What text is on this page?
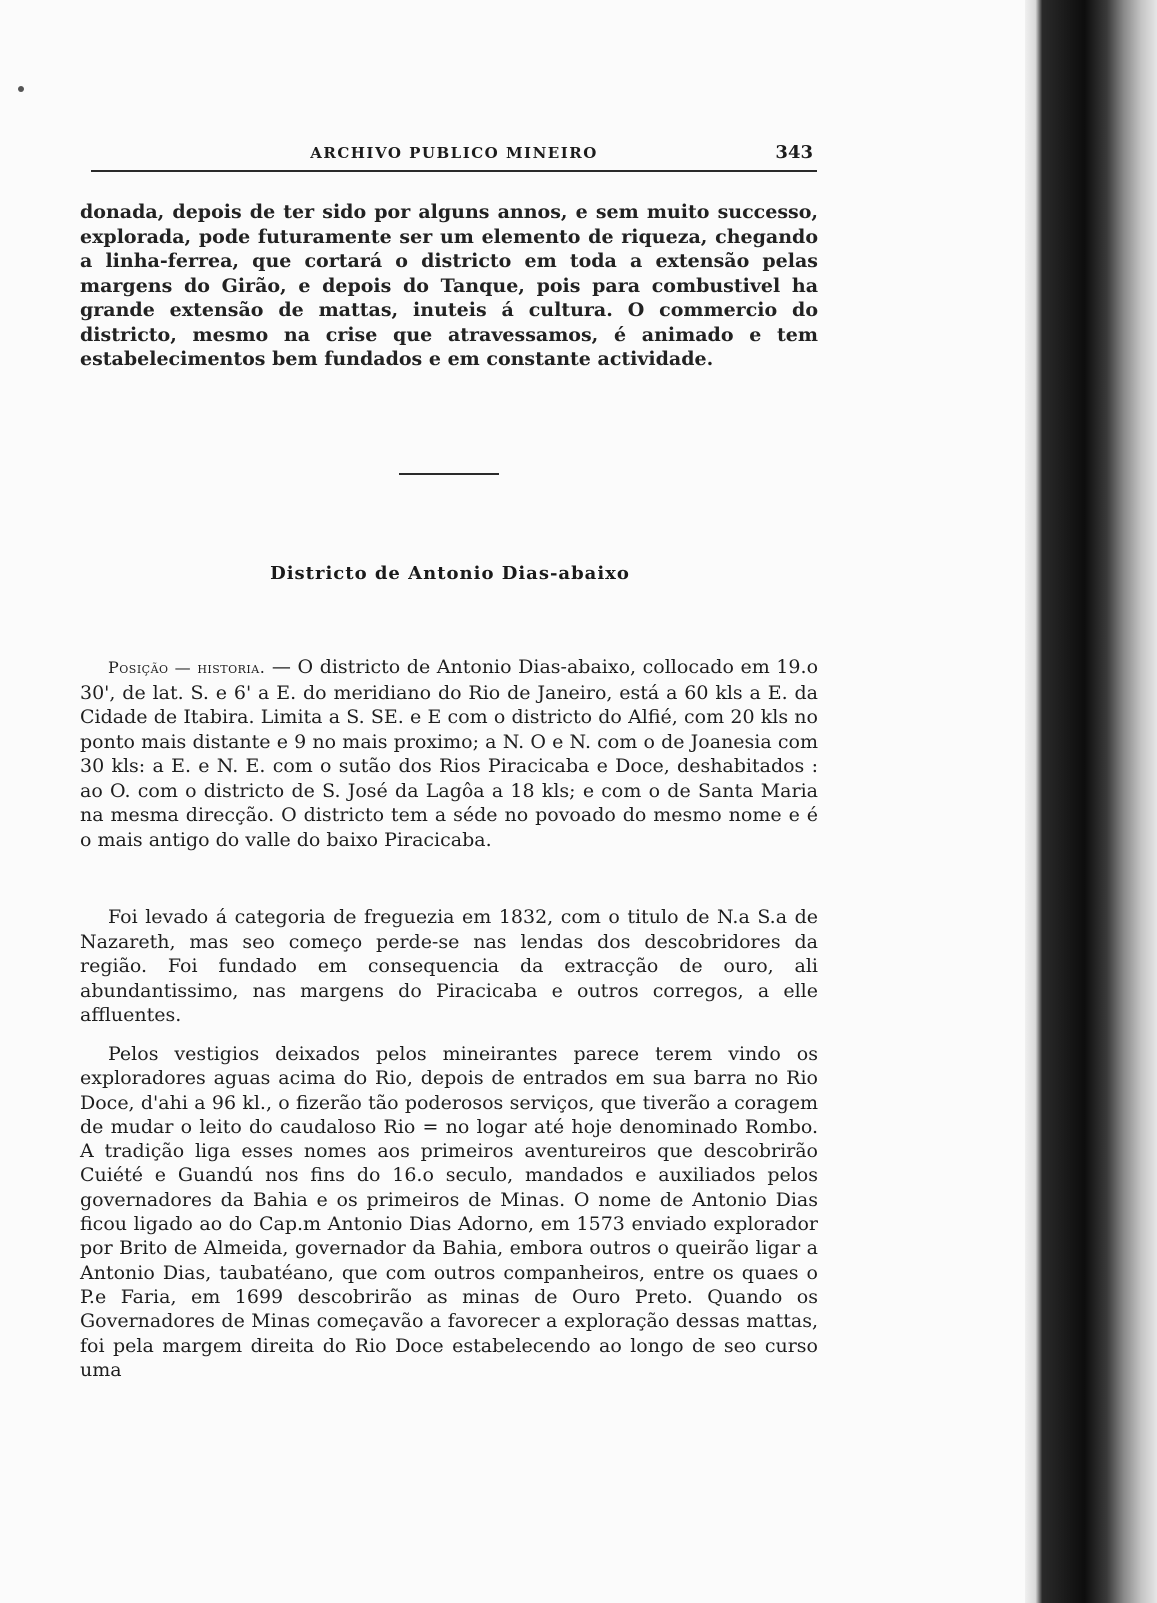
ARCHIVO PUBLICO MINEIRO	343

donada, depois de ter sido por alguns annos, e sem muito successo, explorada, pode futuramente ser um elemento de riqueza, chegando a linha-ferrea, que cortará o districto em toda a extensão pelas margens do Girão, e depois do Tanque, pois para combustivel ha grande extensão de mattas, inuteis á cultura. O commercio do districto, mesmo na crise que atravessamos, é animado e tem estabelecimentos bem fundados e em constante actividade.

Districto de Antonio Dias-abaixo

Posição — historia. — O districto de Antonio Dias-abaixo, collocado em 19.o 30', de lat. S. e 6' a E. do meridiano do Rio de Janeiro, está a 60 kls a E. da Cidade de Itabira. Limita a S. SE. e E com o districto do Alfié, com 20 kls no ponto mais distante e 9 no mais proximo; a N. O e N. com o de Joanesia com 30 kls: a E. e N. E. com o sutão dos Rios Piracicaba e Doce, deshabitados : ao O. com o districto de S. José da Lagôa a 18 kls; e com o de Santa Maria na mesma direcção. O districto tem a séde no povoado do mesmo nome e é o mais antigo do valle do baixo Piracicaba.

Foi levado á categoria de freguezia em 1832, com o titulo de N.a S.a de Nazareth, mas seo começo perde-se nas lendas dos descobridores da região. Foi fundado em consequencia da extracção de ouro, ali abundantissimo, nas margens do Piracicaba e outros corregos, a elle affluentes.

Pelos vestigios deixados pelos mineirantes parece terem vindo os exploradores aguas acima do Rio, depois de entrados em sua barra no Rio Doce, d'ahi a 96 kl., o fizerão tão poderosos serviços, que tiverão a coragem de mudar o leito do caudaloso Rio = no logar até hoje denominado Rombo. A tradição liga esses nomes aos primeiros aventureiros que descobrirão Cuiété e Guandú nos fins do 16.o seculo, mandados e auxiliados pelos governadores da Bahia e os primeiros de Minas. O nome de Antonio Dias ficou ligado ao do Cap.m Antonio Dias Adorno, em 1573 enviado explorador por Brito de Almeida, governador da Bahia, embora outros o queirão ligar a Antonio Dias, taubatéano, que com outros companheiros, entre os quaes o P.e Faria, em 1699 descobrirão as minas de Ouro Preto. Quando os Governadores de Minas começavão a favorecer a exploração dessas mattas, foi pela margem direita do Rio Doce estabelecendo ao longo de seo curso uma
